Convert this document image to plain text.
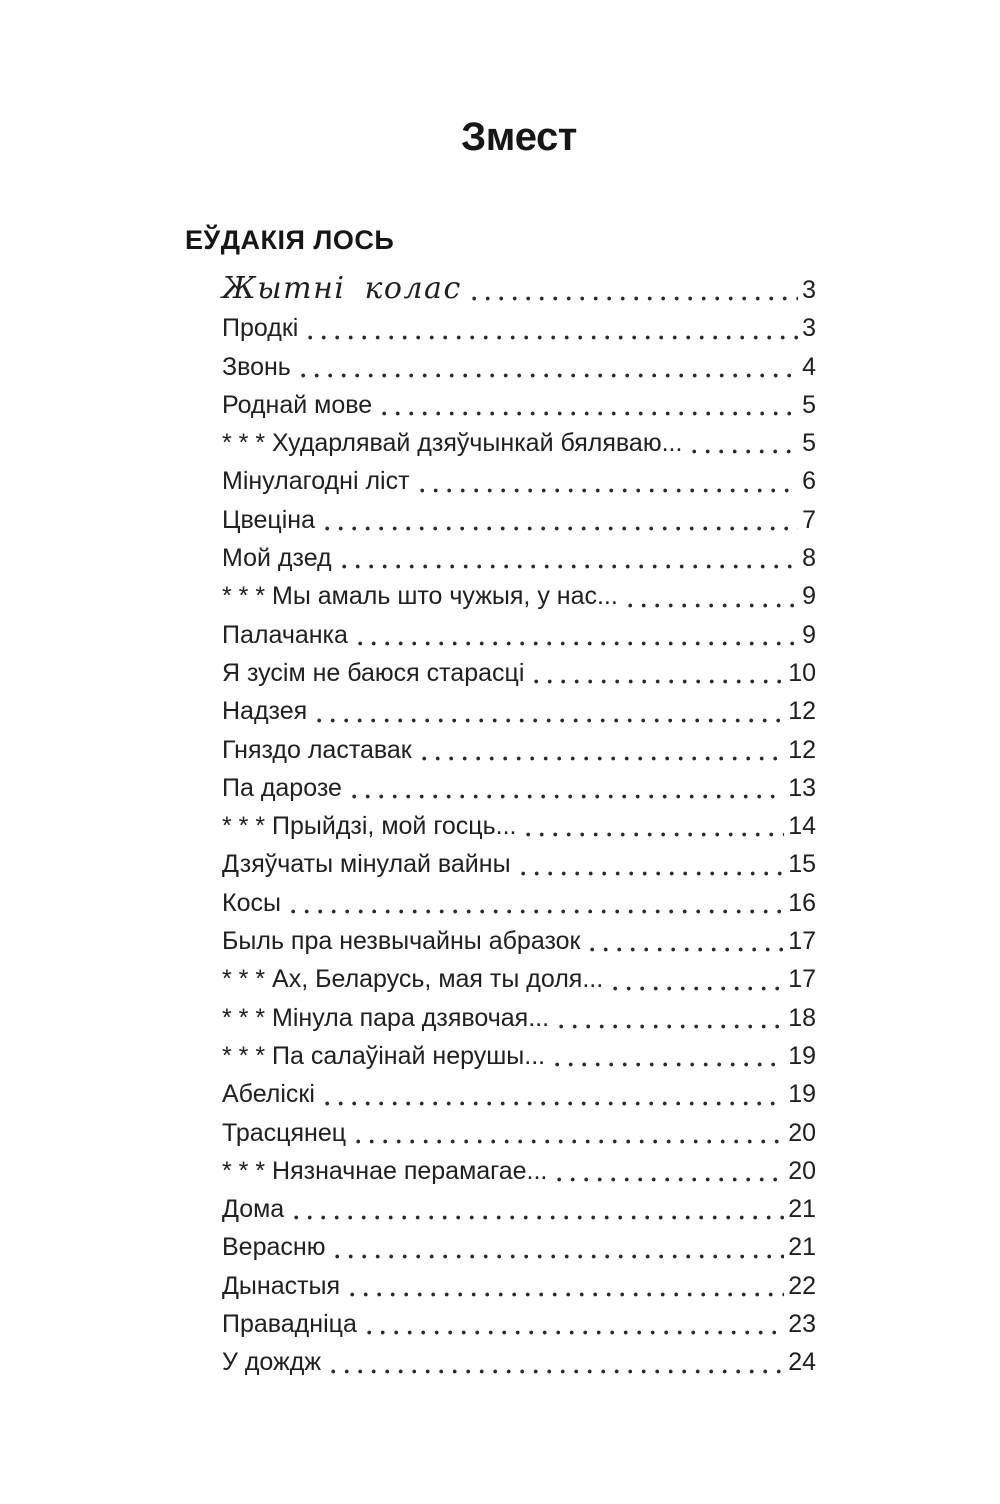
Змест
ЕЎДАКІЯ ЛОСЬ
Жытні колас	3
Продкі	3
Звонь	4
Роднай мове	5
* * * Хударлявай дзяўчынкай бяляваю...	5
Мінулагодні ліст	6
Цвеціна	7
Мой дзед	8
* * * Мы амаль што чужыя, у нас...	9
Палачанка	9
Я зусім не баюся старасці	10
Надзея	12
Гняздо ластавак	12
Па дарозе	13
* * * Прыйдзі, мой госць...	14
Дзяўчаты мінулай вайны	15
Косы	16
Быль пра незвычайны абразок	17
* * * Ах, Беларусь, мая ты доля...	17
* * * Мінула пара дзявочая...	18
* * * Па салаўінай нерушы...	19
Абеліскі	19
Трасцянец	20
* * * Нязначнае перамагае...	20
Дома	21
Верасню	21
Дынастыя	22
Правадніца	23
У дождж	24
